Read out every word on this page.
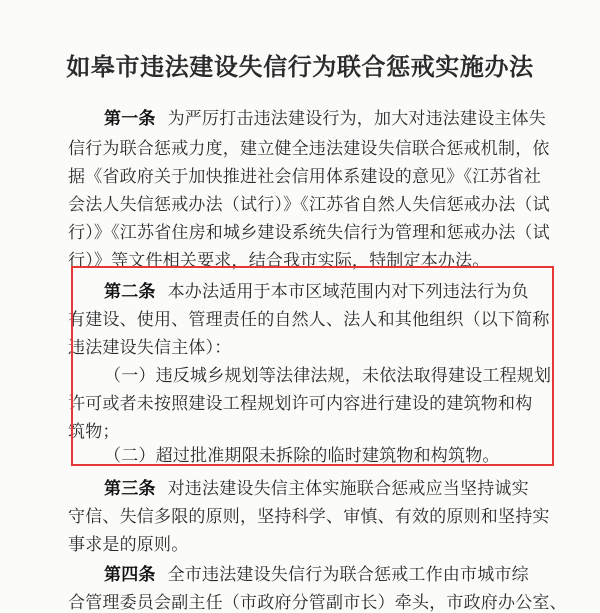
如皋市违法建设失信行为联合惩戒实施办法
第一条 为严厉打击违法建设行为，加大对违法建设主体失
信行为联合惩戒力度，建立健全违法建设失信联合惩戒机制，依
据《省政府关于加快推进社会信用体系建设的意见》《江苏省社
会法人失信惩戒办法（试行）》《江苏省自然人失信惩戒办法（试
行）》《江苏省住房和城乡建设系统失信行为管理和惩戒办法（试
行）》等文件相关要求，结合我市实际，特制定本办法。
第二条 本办法适用于本市区域范围内对下列违法行为负
有建设、使用、管理责任的自然人、法人和其他组织（以下简称
违法建设失信主体）：
（一）违反城乡规划等法律法规，未依法取得建设工程规划
许可或者未按照建设工程规划许可内容进行建设的建筑物和构
筑物；
（二）超过批准期限未拆除的临时建筑物和构筑物。
第三条 对违法建设失信主体实施联合惩戒应当坚持诚实
守信、失信多限的原则，坚持科学、审慎、有效的原则和坚持实
事求是的原则。
第四条 全市违法建设失信行为联合惩戒工作由市城市综
合管理委员会副主任（市政府分管副市长）牵头，市政府办公室、
